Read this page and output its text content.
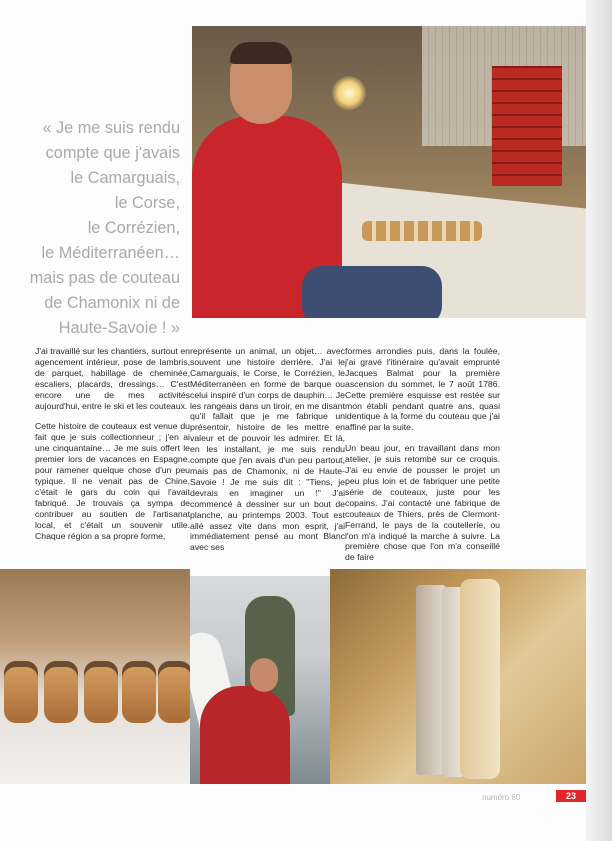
« Je me suis rendu
compte que j'avais
le Camarguais,
le Corse,
le Corrézien,
le Méditerranéen…
mais pas de couteau
de Chamonix ni de
Haute-Savoie ! »

J'ai travaillé sur les chantiers, surtout en agencement intérieur, pose de lambris, de parquet, habillage de cheminée, escaliers, placards, dressings… C'est encore une de mes activités aujourd'hui, entre le ski et les couteaux.

Cette histoire de couteaux est venue du fait que je suis collectionneur ; j'en ai une cinquantaine… Je me suis offert le premier lors de vacances en Espagne, pour ramener quelque chose d'un peu typique. Il ne venait pas de Chine, c'était le gars du coin qui l'avait fabriqué. Je trouvais ça sympa de contribuer au soutien de l'artisanat local, et c'était un souvenir utile. Chaque région a sa propre forme,

représente un animal, un objet… avec souvent une histoire derrière. J'ai le Camarguais, le Corse, le Corrézien, le Méditerranéen en forme de barque ou celui inspiré d'un corps de dauphin… Je les rangeais dans un tiroir, en me disant qu'il fallait que je me fabrique un présentoir, histoire de les mettre en valeur et de pouvoir les admirer. Et là, en les installant, je me suis rendu compte que j'en avais d'un peu partout, mais pas de Chamonix, ni de Haute-Savoie ! Je me suis dit : "Tiens, je devrais en imaginer un !" J'ai commencé à dessiner sur un bout de planche, au printemps 2003. Tout est allé assez vite dans mon esprit, j'ai immédiatement pensé au mont Blanc avec ses

formes arrondies puis, dans la foulée, j'ai gravé l'itinéraire qu'avait emprunté Jacques Balmat pour la première ascension du sommet, le 7 août 1786. Cette première esquisse est restée sur mon établi pendant quatre ans, quasi identique à la forme du couteau que j'ai affiné par la suite.

Un beau jour, en travaillant dans mon atelier, je suis retombé sur ce croquis. J'ai eu envie de pousser le projet un peu plus loin et de fabriquer une petite série de couteaux, juste pour les copains. J'ai contacté une fabrique de couteaux de Thiers, près de Clermont-Ferrand, le pays de la coutellerie, ou l'on m'a indiqué la marche à suivre. La première chose que l'on m'a conseillé de faire

numéro 60	23
